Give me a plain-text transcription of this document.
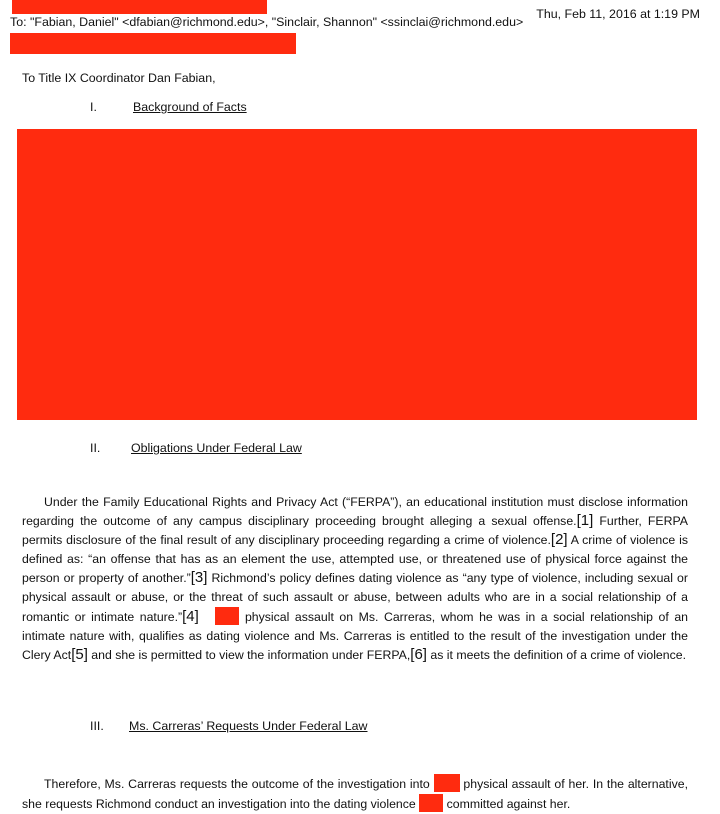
To: "Fabian, Daniel" <dfabian@richmond.edu>, "Sinclair, Shannon" <ssinclai@richmond.edu>
Thu, Feb 11, 2016 at 1:19 PM
To Title IX Coordinator Dan Fabian,
I.	Background of Facts
II. Obligations Under Federal Law

Under the Family Educational Rights and Privacy Act (“FERPA”), an educational institution must disclose information regarding the outcome of any campus disciplinary proceeding brought alleging a sexual offense.[1] Further, FERPA permits disclosure of the final result of any disciplinary proceeding regarding a crime of violence.[2] A crime of violence is defined as: “an offense that has as an element the use, attempted use, or threatened use of physical force against the person or property of another.”[3] Richmond’s policy defines dating violence as “any type of violence, including sexual or physical assault or abuse, or the threat of such assault or abuse, between adults who are in a social relationship of a romantic or intimate nature.”[4]	physical assault on Ms. Carreras, whom he was in a social relationship of an intimate nature with, qualifies as dating violence and Ms. Carreras is entitled to the result of the investigation under the Clery Act[5] and she is permitted to view the information under FERPA,[6] as it meets the definition of a crime of violence.

III. Ms. Carreras’ Requests Under Federal Law

Therefore, Ms. Carreras requests the outcome of the investigation into  physical assault of her. In the alternative, she requests Richmond conduct an investigation into the dating violence  committed against her.
